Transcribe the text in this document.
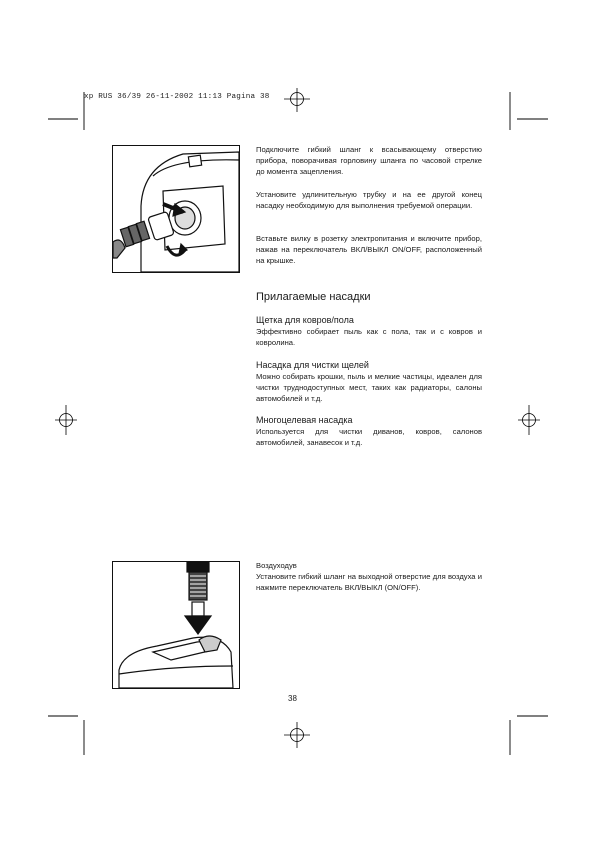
xp RUS 36/39 26-11-2002 11:13 Pagina 38

Подключите гибкий шланг к всасывающему отверстию прибора, поворачивая горловину шланга по часовой стрелке до момента зацепления.

Установите удлинительную трубку и на ее другой конец насадку необходимую для выполнения требуемой операции.

Вставьте вилку в розетку электропитания и включите прибор, нажав на переключатель ВКЛ/ВЫКЛ ON/OFF, расположенный на крышке.

Прилагаемые насадки
Щетка для ковров/пола

Эффективно собирает пыль как с пола, так и с ковров и ковролина.

Насадка для чистки щелей

Можно собирать крошки, пыль и мелкие частицы, идеален для чистки труднодоступных мест, таких как радиаторы, салоны автомобилей и т.д.

Многоцелевая насадка

Используется для чистки диванов, ковров, салонов автомобилей, занавесок и т.д.

Воздуходув

Установите гибкий шланг на выходной отверстие для воздуха и нажмите переключатель ВКЛ/ВЫКЛ (ON/OFF).

38
